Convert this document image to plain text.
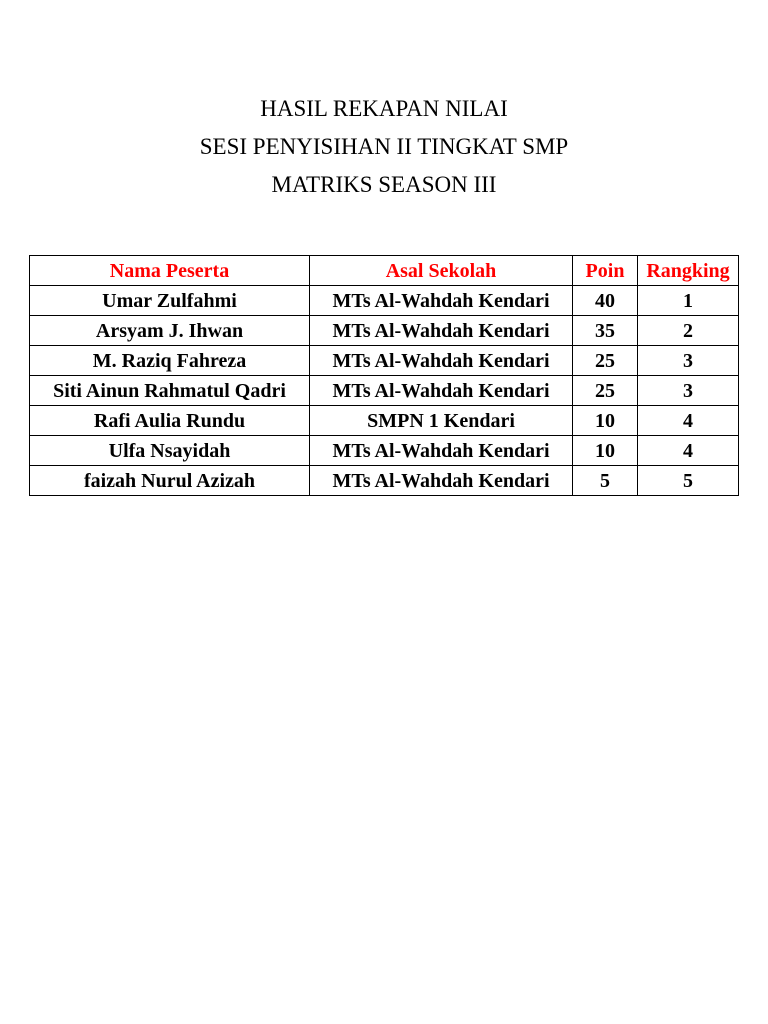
HASIL REKAPAN NILAI
SESI PENYISIHAN II TINGKAT SMP
MATRIKS SEASON III
Nama Peserta	Asal Sekolah	Poin	Rangking
Umar Zulfahmi	MTs Al-Wahdah Kendari	40	1
Arsyam J. Ihwan	MTs Al-Wahdah Kendari	35	2
M. Raziq Fahreza	MTs Al-Wahdah Kendari	25	3
Siti Ainun Rahmatul Qadri	MTs Al-Wahdah Kendari	25	3
Rafi Aulia Rundu	SMPN 1 Kendari	10	4
Ulfa Nsayidah	MTs Al-Wahdah Kendari	10	4
faizah Nurul Azizah	MTs Al-Wahdah Kendari	5	5
